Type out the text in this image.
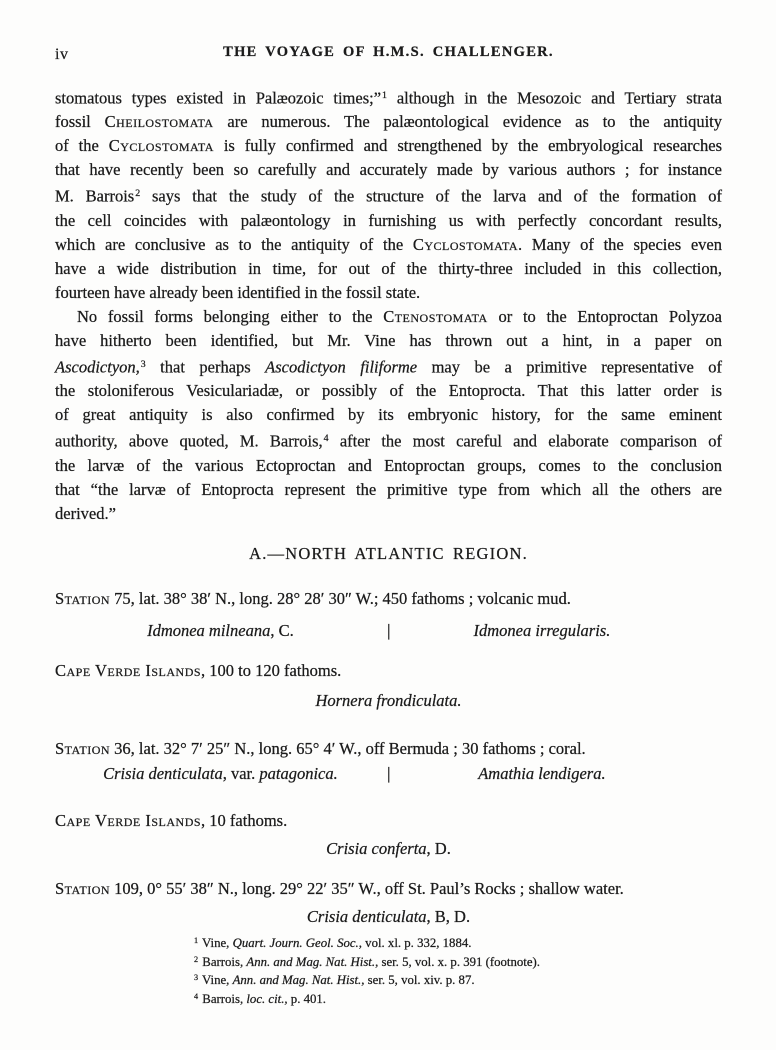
iv	THE VOYAGE OF H.M.S. CHALLENGER.
stomatous types existed in Palæozoic times;”$^1$ although in the Mesozoic and Tertiary strata
fossil Cheilostomata are numerous. The palæontological evidence as to the antiquity
of the Cyclostomata is fully confirmed and strengthened by the embryological researches
that have recently been so carefully and accurately made by various authors ; for instance
M. Barrois$^2$ says that the study of the structure of the larva and of the formation of
the cell coincides with palæontology in furnishing us with perfectly concordant results,
which are conclusive as to the antiquity of the Cyclostomata. Many of the species even
have a wide distribution in time, for out of the thirty-three included in this collection,
fourteen have already been identified in the fossil state.
No fossil forms belonging either to the Ctenostomata or to the Entoproctan Polyzoa
have hitherto been identified, but Mr. Vine has thrown out a hint, in a paper on
Ascodictyon,$^3$ that perhaps Ascodictyon filiforme may be a primitive representative of
the stoloniferous Vesiculariadæ, or possibly of the Entoprocta. That this latter order is
of great antiquity is also confirmed by its embryonic history, for the same eminent
authority, above quoted, M. Barrois,$^4$ after the most careful and elaborate comparison of
the larvæ of the various Ectoproctan and Entoproctan groups, comes to the conclusion
that “the larvæ of Entoprocta represent the primitive type from which all the others are
derived.”
A.—NORTH ATLANTIC REGION.
Station 75, lat. 38° 38′ N., long. 28° 28′ 30″ W.; 450 fathoms ; volcanic mud.
Idmonea milneana, C.	|	Idmonea irregularis.
Cape Verde Islands, 100 to 120 fathoms.
Hornera frondiculata.
Station 36, lat. 32° 7′ 25″ N., long. 65° 4′ W., off Bermuda ; 30 fathoms ; coral.
Crisia denticulata, var. patagonica.	|	Amathia lendigera.
Cape Verde Islands, 10 fathoms.
Crisia conferta, D.
Station 109, 0° 55′ 38″ N., long. 29° 22′ 35″ W., off St. Paul’s Rocks ; shallow water.
Crisia denticulata, B, D.
$^1$ Vine, Quart. Journ. Geol. Soc., vol. xl. p. 332, 1884.
$^2$ Barrois, Ann. and Mag. Nat. Hist., ser. 5, vol. x. p. 391 (footnote).
$^3$ Vine, Ann. and Mag. Nat. Hist., ser. 5, vol. xiv. p. 87.
$^4$ Barrois, loc. cit., p. 401.
